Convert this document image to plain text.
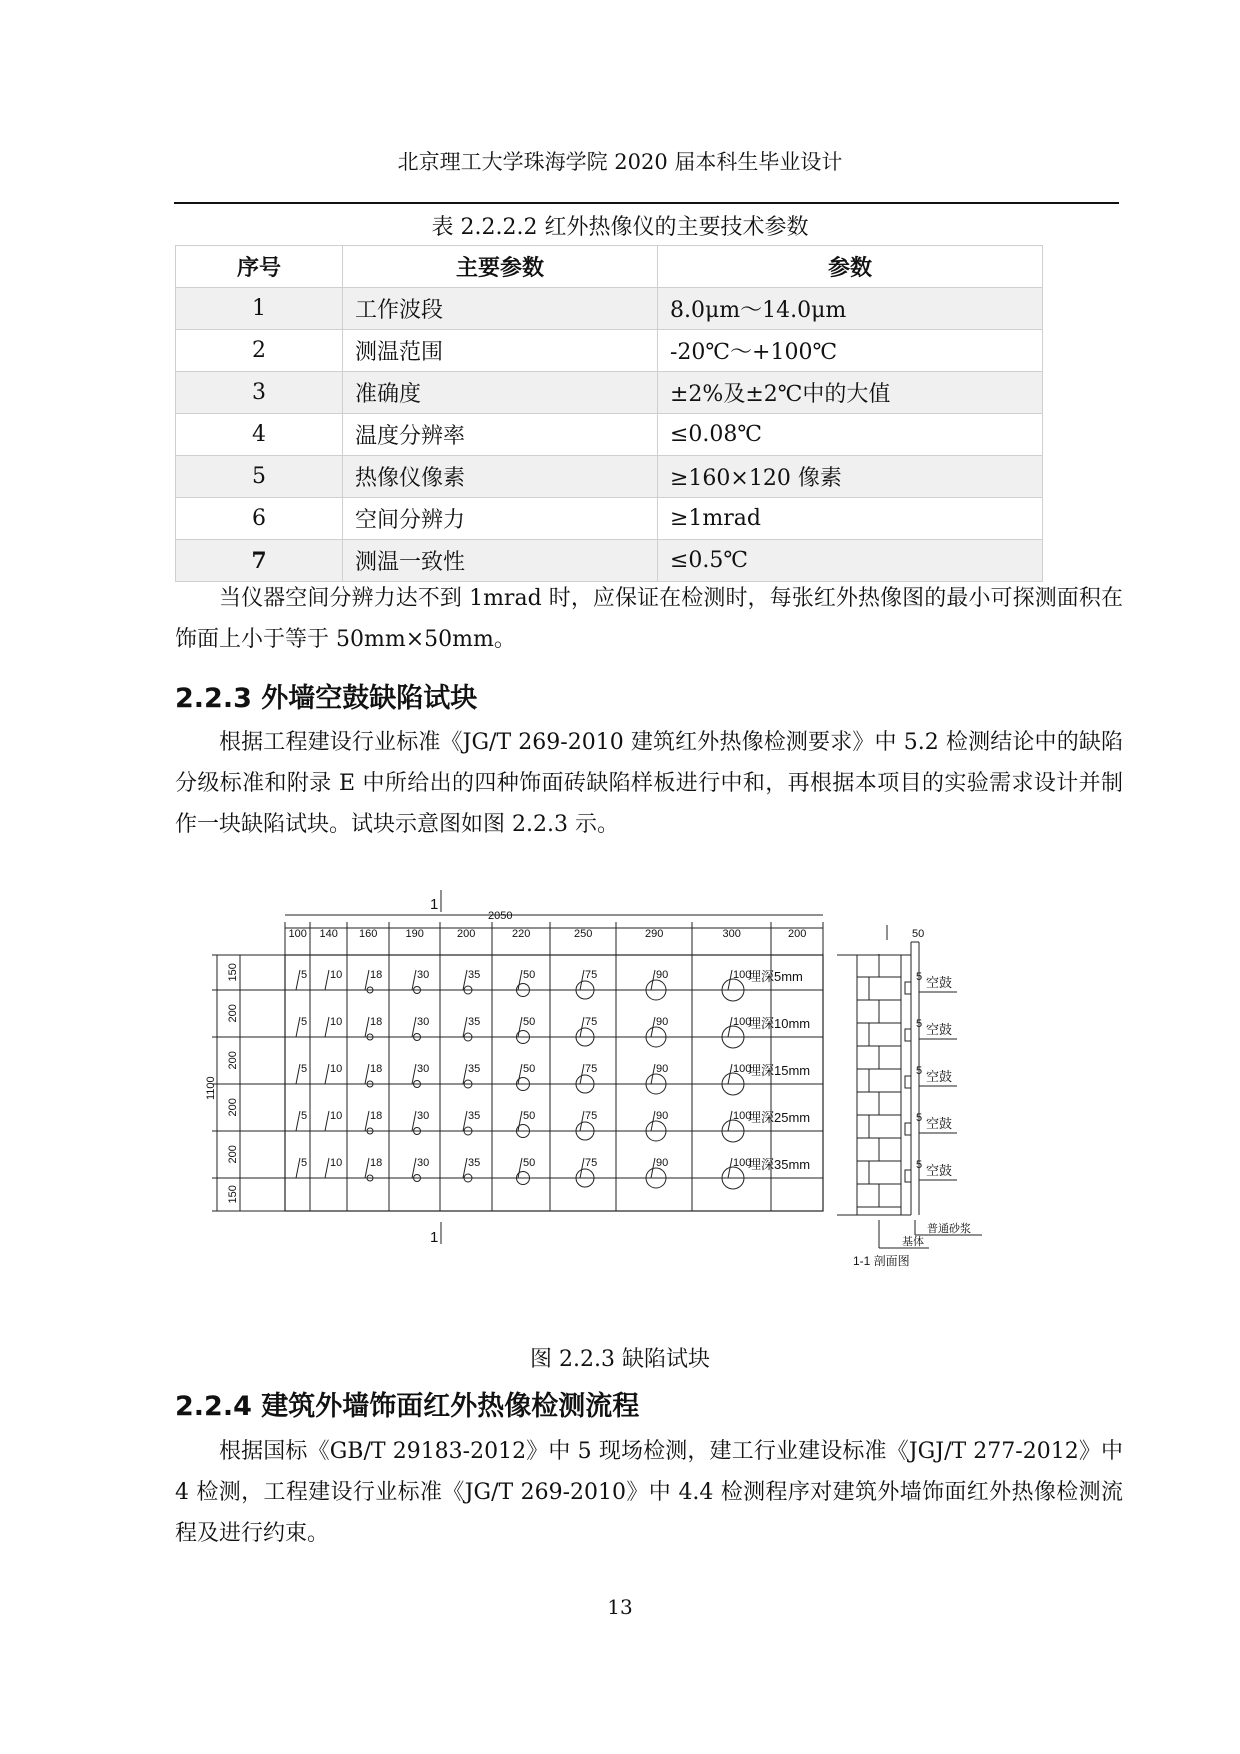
北京理工大学珠海学院 2020 届本科生毕业设计
表 2.2.2.2 红外热像仪的主要技术参数
序号	主要参数	参数
1	工作波段	8.0μm～14.0μm
2	测温范围	-20℃～+100℃
3	准确度	±2%及±2℃中的大值
4	温度分辨率	≤0.08℃
5	热像仪像素	≥160×120 像素
6	空间分辨力	≥1mrad
7	测温一致性	≤0.5℃
当仪器空间分辨力达不到 1mrad 时，应保证在检测时，每张红外热像图的最小可探测面积在饰面上小于等于 50mm×50mm。
2.2.3 外墙空鼓缺陷试块
根据工程建设行业标准《JG/T 269-2010 建筑红外热像检测要求》中 5.2 检测结论中的缺陷分级标准和附录 E 中所给出的四种饰面砖缺陷样板进行中和，再根据本项目的实验需求设计并制作一块缺陷试块。试块示意图如图 2.2.3 示。
2050
100 140 160	190	200	220	250	290	300	200
1
1
1100
150
200
200
200
200
150
5 10	18	30	35	50	75	90	100
埋深5mm
5 10	18	30	35	50	75	90	100
埋深10mm
5 10	18	30	35	50	75	90	100
埋深15mm
5 10	18	30	35	50	75	90	100
埋深25mm
5 10	18	30	35	50	75	90	100
埋深35mm
50
5 空鼓
5 空鼓
5 空鼓
5 空鼓
5 空鼓
普通砂浆
基体
1-1 剖面图
图 2.2.3 缺陷试块
2.2.4 建筑外墙饰面红外热像检测流程
根据国标《GB/T 29183-2012》中 5 现场检测，建工行业建设标准《JGJ/T 277-2012》中 4 检测，工程建设行业标准《JG/T 269-2010》中 4.4 检测程序对建筑外墙饰面红外热像检测流程及进行约束。
13
